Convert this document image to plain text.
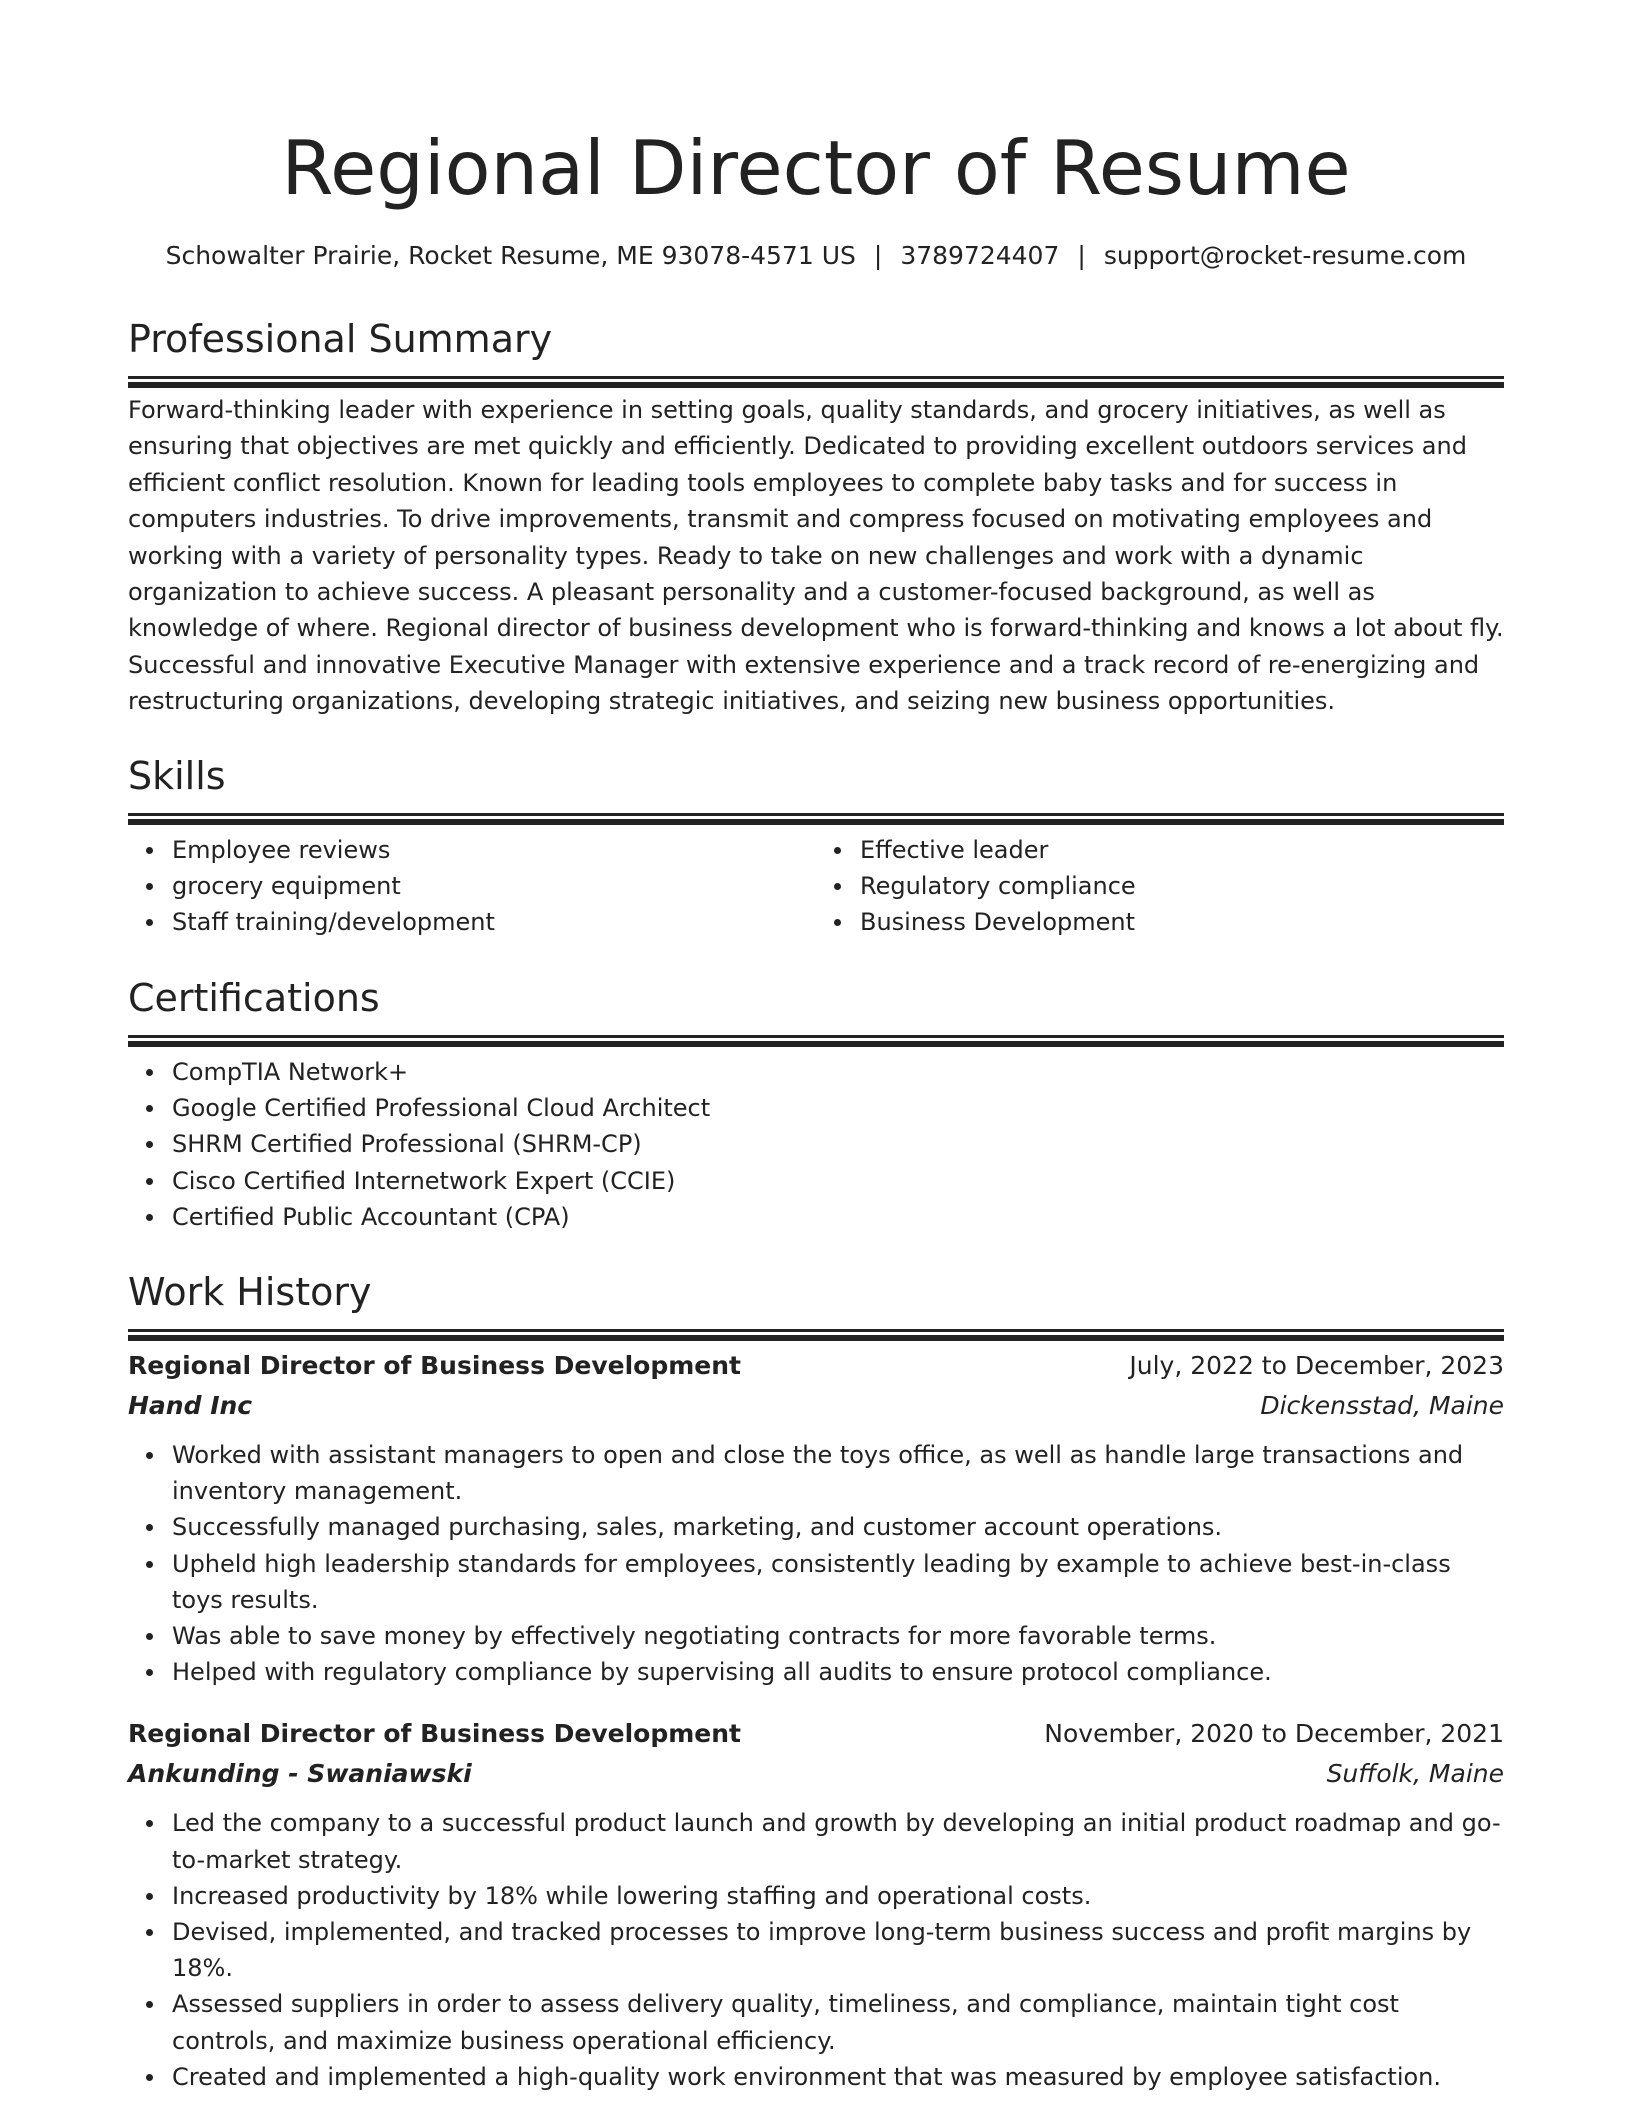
Regional Director of Resume
Schowalter Prairie, Rocket Resume, ME 93078-4571 US | 3789724407 | support@rocket-resume.com
Professional Summary

Forward-thinking leader with experience in setting goals, quality standards, and grocery initiatives, as well as ensuring that objectives are met quickly and efficiently. Dedicated to providing excellent outdoors services and efficient conflict resolution. Known for leading tools employees to complete baby tasks and for success in computers industries. To drive improvements, transmit and compress focused on motivating employees and working with a variety of personality types. Ready to take on new challenges and work with a dynamic organization to achieve success. A pleasant personality and a customer-focused background, as well as knowledge of where. Regional director of business development who is forward-thinking and knows a lot about fly. Successful and innovative Executive Manager with extensive experience and a track record of re-energizing and restructuring organizations, developing strategic initiatives, and seizing new business opportunities.

Skills
Employee reviews
grocery equipment
Staff training/development
Effective leader
Regulatory compliance
Business Development
Certifications
CompTIA Network+
Google Certified Professional Cloud Architect
SHRM Certified Professional (SHRM-CP)
Cisco Certified Internetwork Expert (CCIE)
Certified Public Accountant (CPA)
Work History
Regional Director of Business Development	July, 2022 to December, 2023
Hand Inc	Dickensstad, Maine
Worked with assistant managers to open and close the toys office, as well as handle large transactions and inventory management.
Successfully managed purchasing, sales, marketing, and customer account operations.
Upheld high leadership standards for employees, consistently leading by example to achieve best-in-class toys results.
Was able to save money by effectively negotiating contracts for more favorable terms.
Helped with regulatory compliance by supervising all audits to ensure protocol compliance.
Regional Director of Business Development	November, 2020 to December, 2021
Ankunding - Swaniawski	Suffolk, Maine
Led the company to a successful product launch and growth by developing an initial product roadmap and go-to-market strategy.
Increased productivity by 18% while lowering staffing and operational costs.
Devised, implemented, and tracked processes to improve long-term business success and profit margins by 18%.
Assessed suppliers in order to assess delivery quality, timeliness, and compliance, maintain tight cost controls, and maximize business operational efficiency.
Created and implemented a high-quality work environment that was measured by employee satisfaction.
